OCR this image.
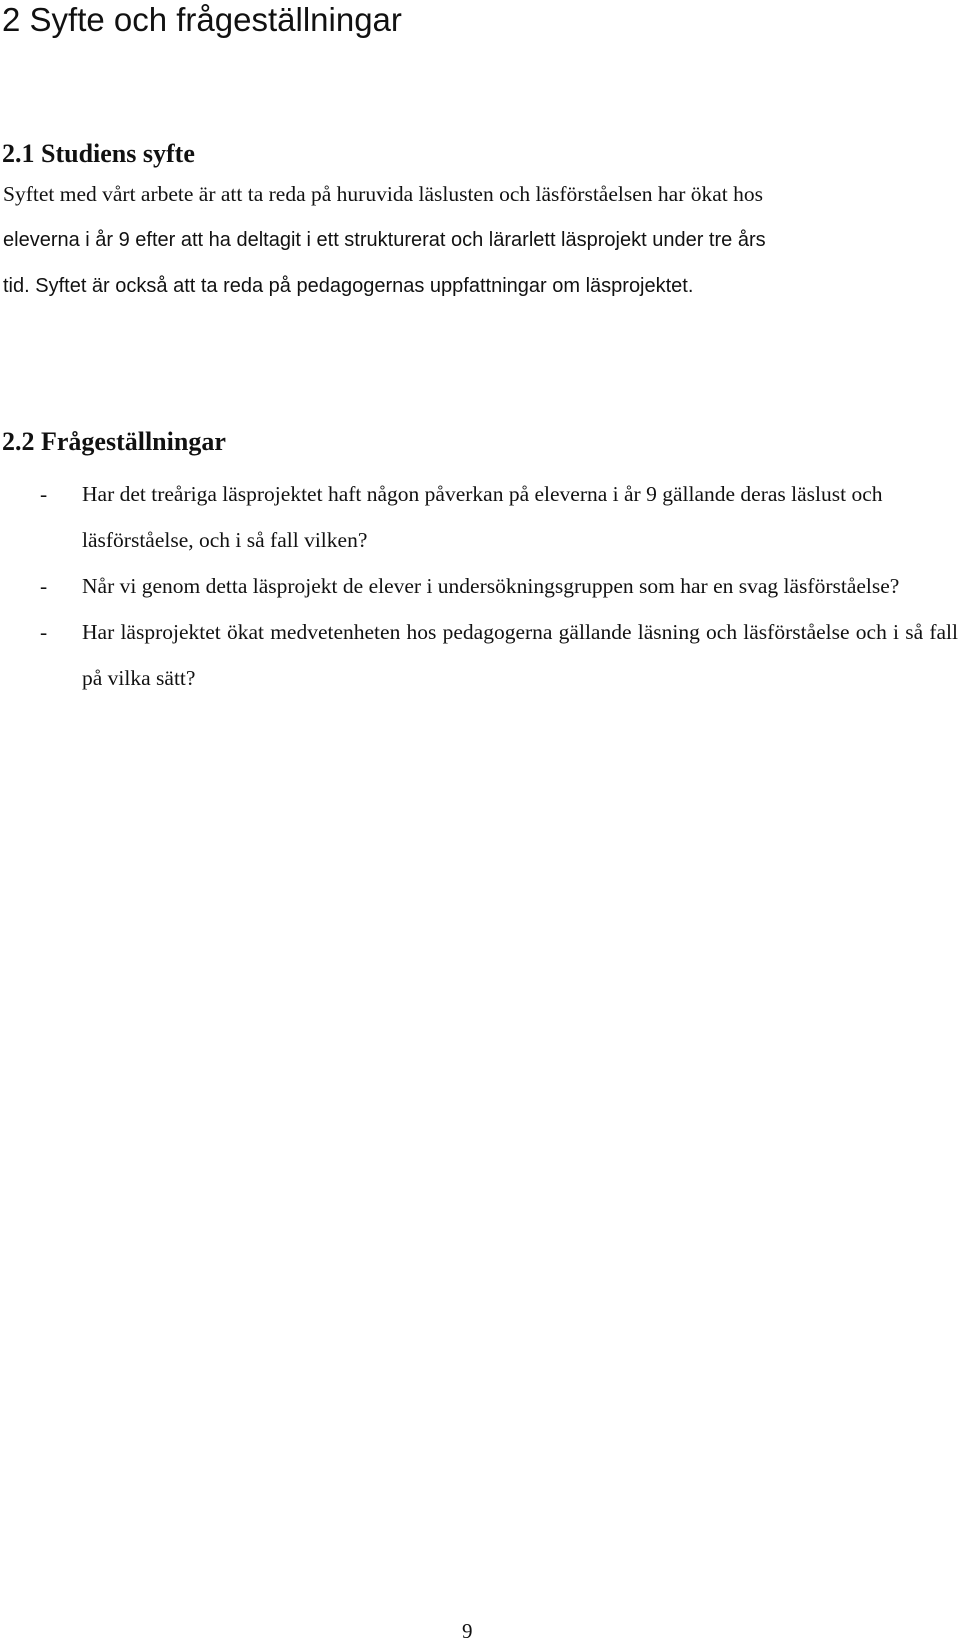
2 Syfte och frågeställningar
2.1 Studiens syfte
Syftet med vårt arbete är att ta reda på huruvida läslusten och läsförståelsen har ökat hos
eleverna i år 9 efter att ha deltagit i ett strukturerat och lärarlett läsprojekt under tre års
tid. Syftet är också att ta reda på pedagogernas uppfattningar om läsprojektet.
2.2 Frågeställningar
- Har det treåriga läsprojektet haft någon påverkan på eleverna i år 9 gällande deras läslust och läsförståelse, och i så fall vilken?
- Når vi genom detta läsprojekt de elever i undersökningsgruppen som har en svag läsförståelse?
- Har läsprojektet ökat medvetenheten hos pedagogerna gällande läsning och läsförståelse och i så fall på vilka sätt?
9
